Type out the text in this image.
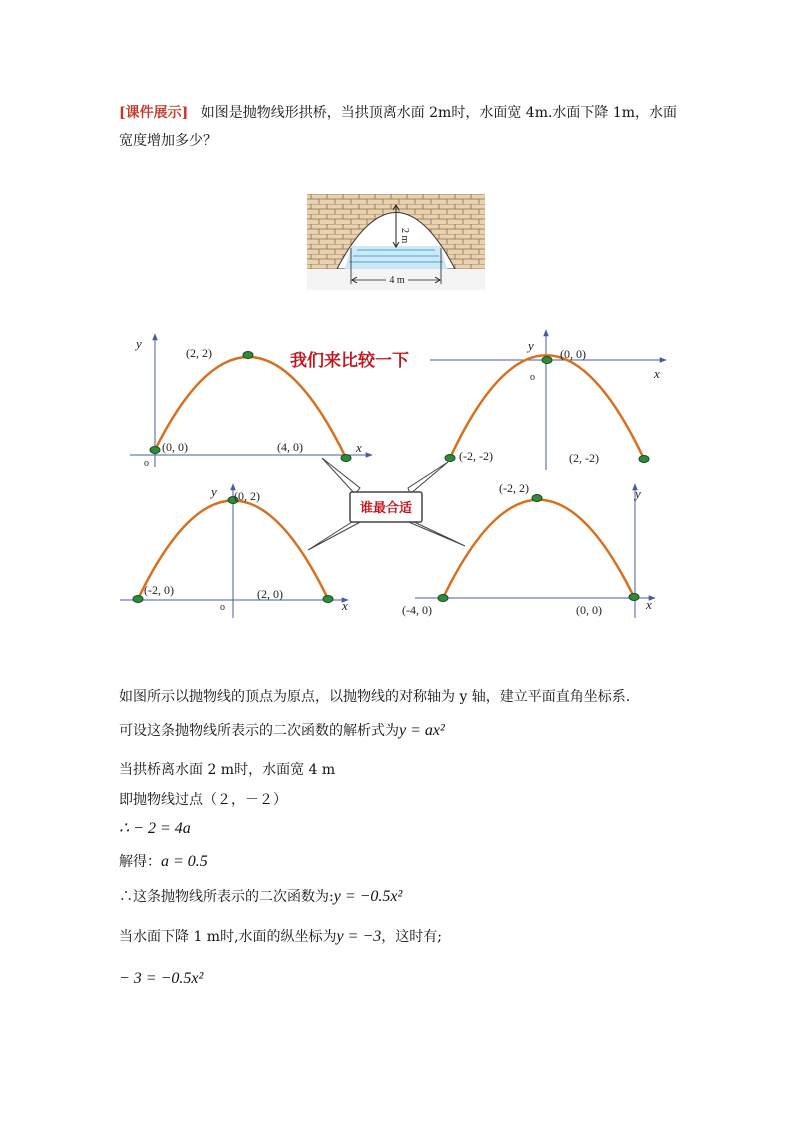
[课件展示] 如图是抛物线形拱桥，当拱顶离水面 2m时，水面宽 4m.水面下降 1m，水面宽度增加多少？
2 m
4 m
y
x
o
(2, 2)
(0, 0)	(4, 0)
y
x
o
(0, 0)
(-2, -2)	(2, -2)
y
x
o
(0, 2)
(-2, 0)	(2, 0)
y
x
(-2, 2)
(-4, 0)	(0, 0)
我们来比较一下
谁最合适
如图所示以抛物线的顶点为原点，以抛物线的对称轴为 y 轴，建立平面直角坐标系.
可设这条抛物线所表示的二次函数的解析式为y = ax²
当拱桥离水面 2 m时，水面宽 4 m
即抛物线过点（２，－２）
∴ − 2 = 4a
解得：a = 0.5
∴这条抛物线所表示的二次函数为:y = −0.5x²
当水面下降 1 m时,水面的纵坐标为y = −3，这时有;
− 3 = −0.5x²
